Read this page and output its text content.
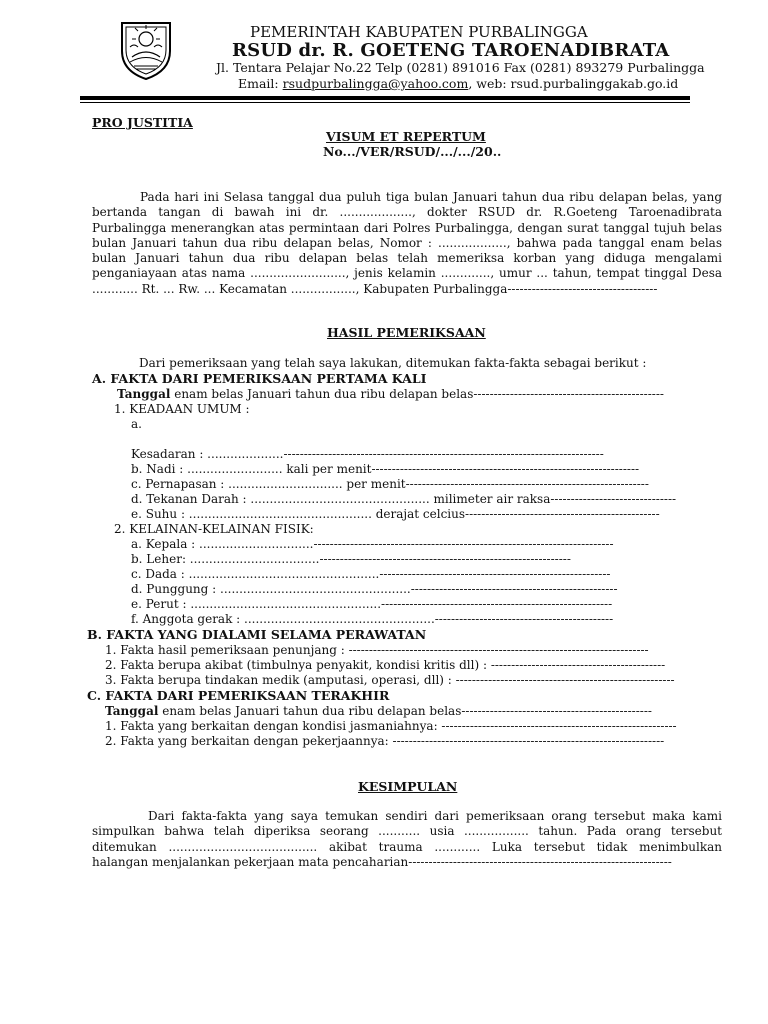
PEMERINTAH KABUPATEN PURBALINGGA
RSUD dr. R. GOETENG TAROENADIBRATA
Jl. Tentara Pelajar No.22 Telp (0281) 891016 Fax (0281) 893279 Purbalingga
Email: rsudpurbalingga@yahoo.com, web: rsud.purbalinggakab.go.id
PRO JUSTITIA
VISUM ET REPERTUM
No.../VER/RSUD/.../.../20..
Pada hari ini Selasa tanggal dua puluh tiga bulan Januari tahun dua ribu delapan belas, yang
bertanda tangan di bawah ini dr. ..................., dokter RSUD dr. R.Goeteng Taroenadibrata
Purbalingga menerangkan atas permintaan dari Polres Purbalingga, dengan surat tanggal tujuh belas
bulan Januari tahun dua ribu delapan belas, Nomor : .................., bahwa pada tanggal enam belas
bulan Januari tahun dua ribu delapan belas telah memeriksa korban yang diduga mengalami
penganiayaan atas nama ........................., jenis kelamin ............., umur ... tahun, tempat tinggal Desa
............ Rt. ... Rw. ... Kecamatan ................., Kabupaten Purbalingga-------------------------------------
HASIL PEMERIKSAAN
Dari pemeriksaan yang telah saya lakukan, ditemukan fakta-fakta sebagai berikut :
A. FAKTA DARI PEMERIKSAAN PERTAMA KALI
Tanggal enam belas Januari tahun dua ribu delapan belas-----------------------------------------------
1. KEADAAN UMUM :
a.
Kesadaran : ....................-------------------------------------------------------------------------------
b. Nadi : ......................... kali per menit------------------------------------------------------------------
c. Pernapasan : .............................. per menit------------------------------------------------------------
d. Tekanan Darah : ............................................... milimeter air raksa-------------------------------
e. Suhu : ................................................ derajat celcius------------------------------------------------
2. KELAINAN-KELAINAN FISIK:
a. Kepala : ..............................--------------------------------------------------------------------------
b. Leher: ..................................--------------------------------------------------------------
c. Dada : ..................................................---------------------------------------------------------
d. Punggung : ..................................................---------------------------------------------------
e. Perut : ..................................................---------------------------------------------------------
f. Anggota gerak : ..................................................--------------------------------------------
B. FAKTA YANG DIALAMI SELAMA PERAWATAN
1. Fakta hasil pemeriksaan penunjang : --------------------------------------------------------------------------
2. Fakta berupa akibat (timbulnya penyakit, kondisi kritis dll) : -------------------------------------------
3. Fakta berupa tindakan medik (amputasi, operasi, dll) : ------------------------------------------------------
C. FAKTA DARI PEMERIKSAAN TERAKHIR
Tanggal enam belas Januari tahun dua ribu delapan belas-----------------------------------------------
1. Fakta yang berkaitan dengan kondisi jasmaniahnya: ----------------------------------------------------------
2. Fakta yang berkaitan dengan pekerjaannya: -------------------------------------------------------------------
KESIMPULAN
Dari fakta-fakta yang saya temukan sendiri dari pemeriksaan orang tersebut maka kami
simpulkan bahwa telah diperiksa seorang ........... usia ................. tahun. Pada orang tersebut
ditemukan ....................................... akibat trauma ............ Luka tersebut tidak menimbulkan
halangan menjalankan pekerjaan mata pencaharian-----------------------------------------------------------------
